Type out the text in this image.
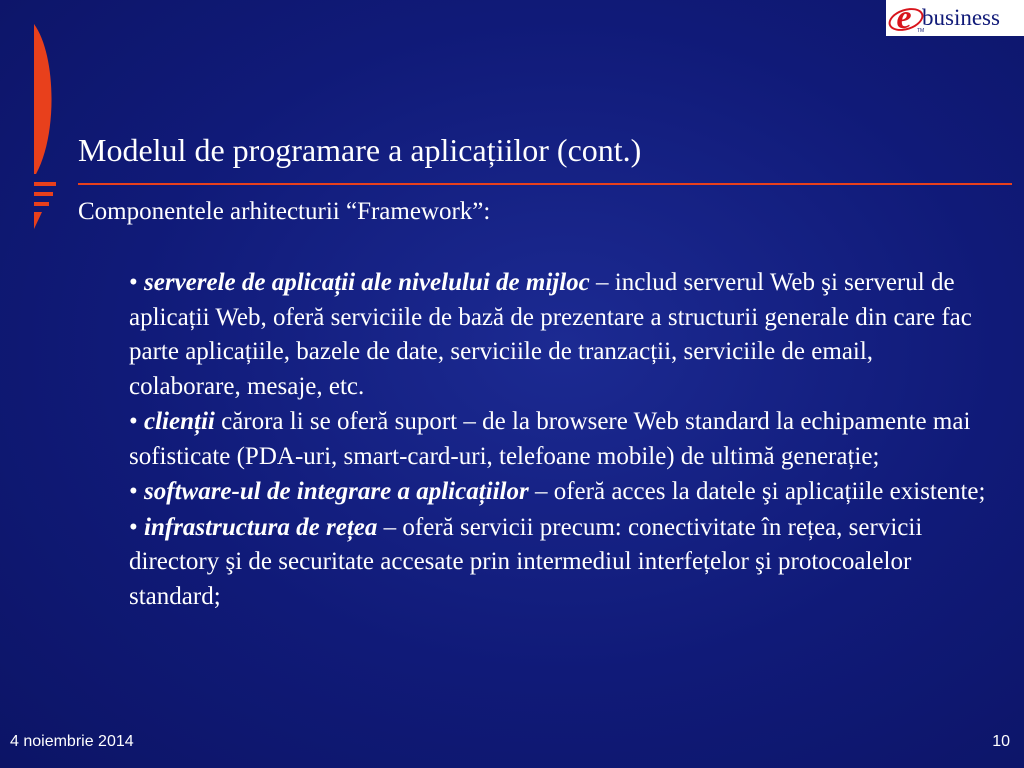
e business
TM
Modelul de programare a aplicațiilor (cont.)
Componentele arhitecturii “Framework”:
• serverele de aplicații ale nivelului de mijloc – includ serverul Web şi serverul de aplicații Web, oferă serviciile de bază de prezentare a structurii generale din care fac parte aplicațiile, bazele de date, serviciile de tranzacții, serviciile de email, colaborare, mesaje, etc.
• clienții cărora li se oferă suport – de la browsere Web standard la echipamente mai sofisticate (PDA-uri, smart-card-uri, telefoane mobile) de ultimă generație;
• software-ul de integrare a aplicațiilor – oferă acces la datele şi aplicațiile existente;
• infrastructura de rețea – oferă servicii precum: conectivitate în rețea, servicii directory şi de securitate accesate prin intermediul interfețelor şi protocoalelor standard;
4 noiembrie 2014	10
